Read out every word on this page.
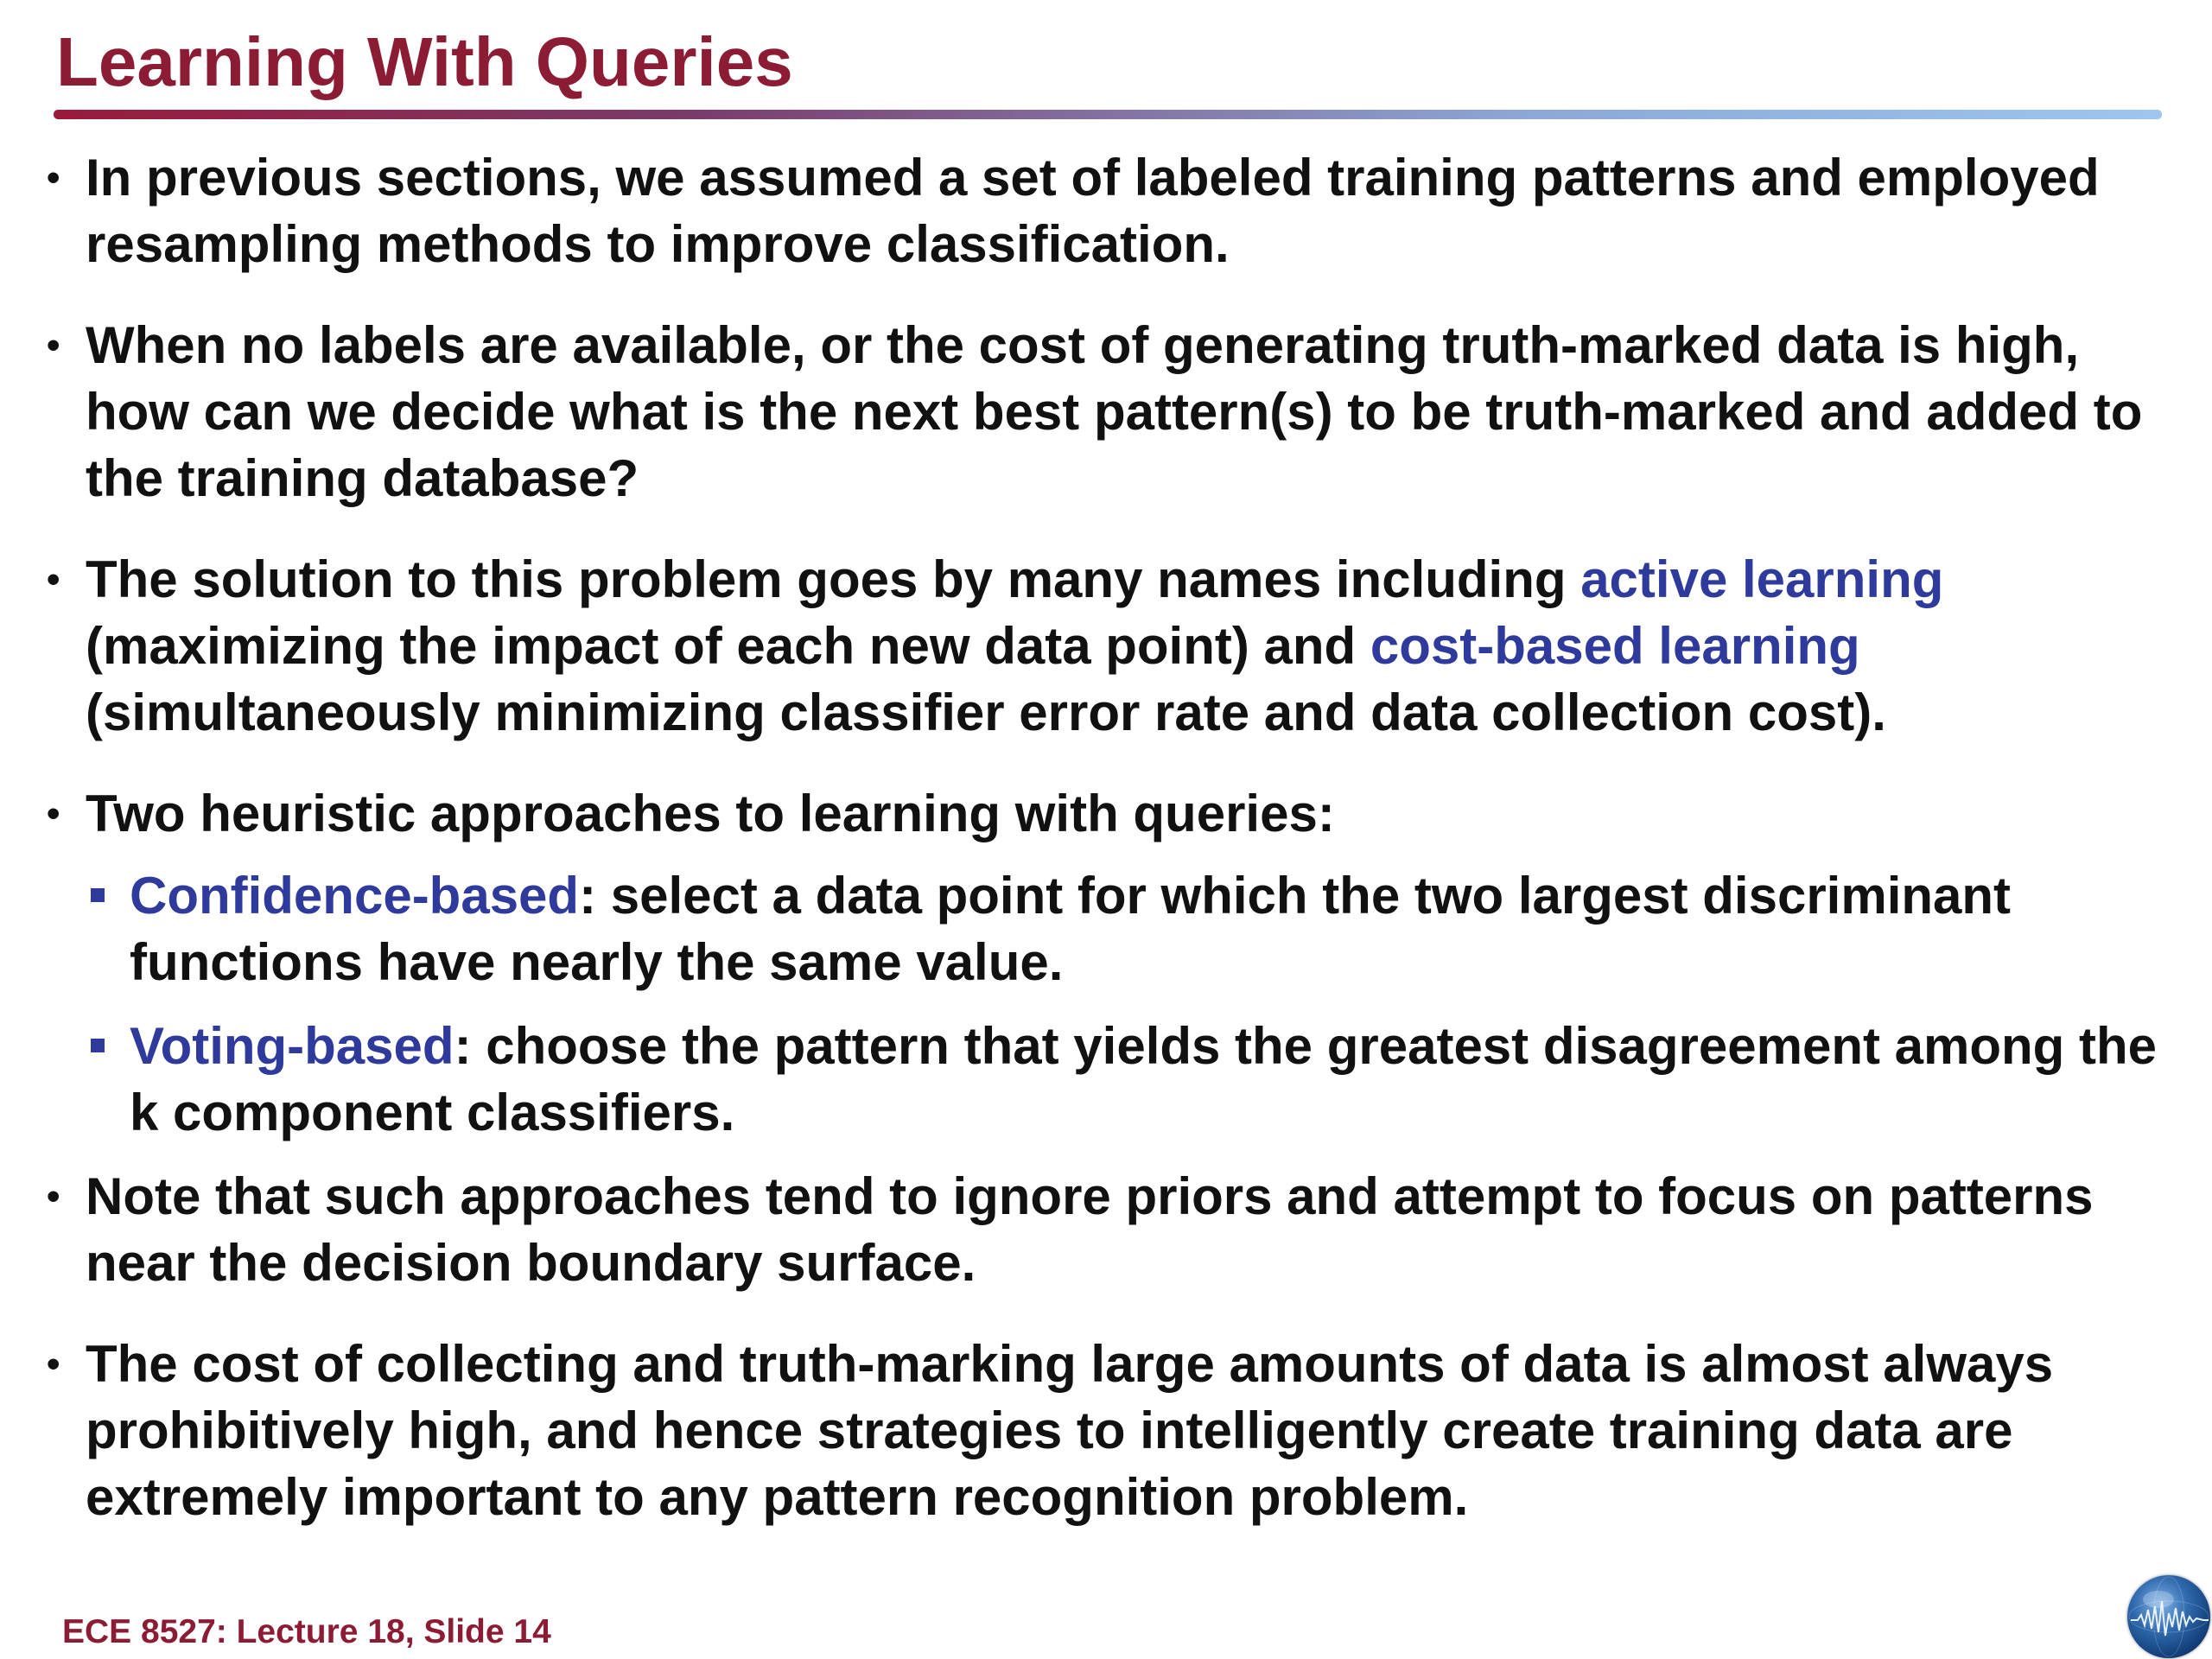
Learning With Queries
• In previous sections, we assumed a set of labeled training patterns and employed resampling methods to improve classification.
• When no labels are available, or the cost of generating truth-marked data is high, how can we decide what is the next best pattern(s) to be truth-marked and added to the training database?
• The solution to this problem goes by many names including active learning (maximizing the impact of each new data point) and cost-based learning (simultaneously minimizing classifier error rate and data collection cost).
• Two heuristic approaches to learning with queries:
Confidence-based: select a data point for which the two largest discriminant functions have nearly the same value.
Voting-based: choose the pattern that yields the greatest disagreement among the k component classifiers.
• Note that such approaches tend to ignore priors and attempt to focus on patterns near the decision boundary surface.
• The cost of collecting and truth-marking large amounts of data is almost always prohibitively high, and hence strategies to intelligently create training data are extremely important to any pattern recognition problem.
ECE 8527: Lecture 18, Slide 14
